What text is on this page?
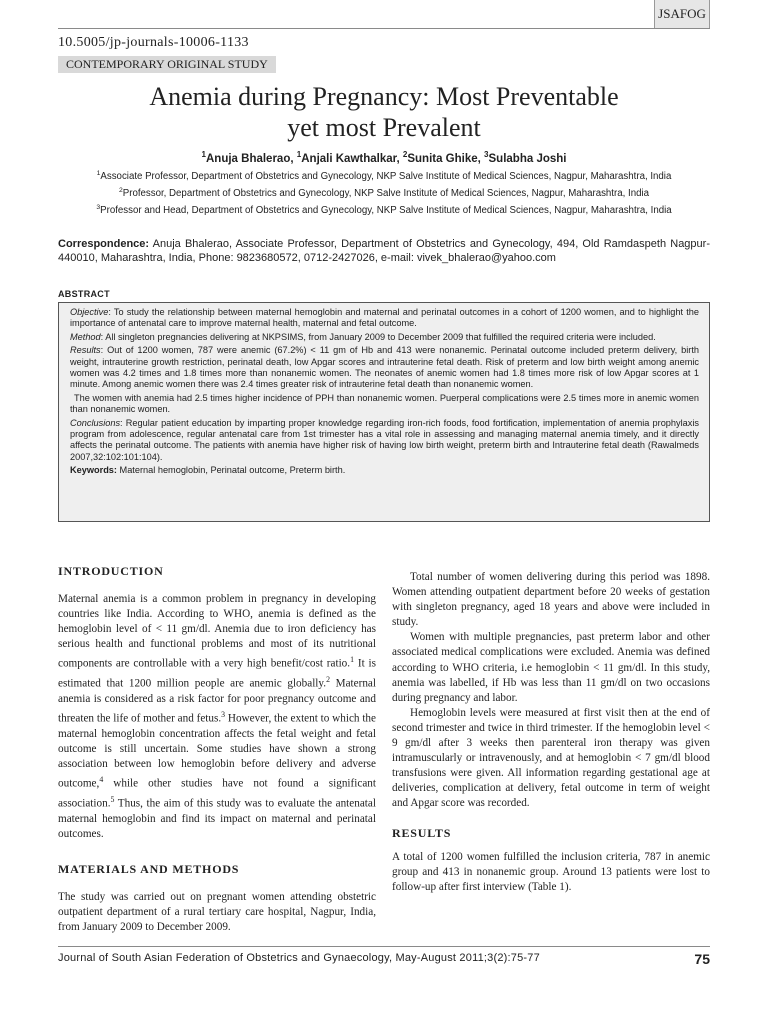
JSAFOG
10.5005/jp-journals-10006-1133
CONTEMPORARY ORIGINAL STUDY
Anemia during Pregnancy: Most Preventable
yet most Prevalent
$^1$Anuja Bhalerao, $^1$Anjali Kawthalkar, $^2$Sunita Ghike, $^3$Sulabha Joshi
$^1$Associate Professor, Department of Obstetrics and Gynecology, NKP Salve Institute of Medical Sciences, Nagpur, Maharashtra, India
$^2$Professor, Department of Obstetrics and Gynecology, NKP Salve Institute of Medical Sciences, Nagpur, Maharashtra, India
$^3$Professor and Head, Department of Obstetrics and Gynecology, NKP Salve Institute of Medical Sciences, Nagpur, Maharashtra, India
Correspondence: Anuja Bhalerao, Associate Professor, Department of Obstetrics and Gynecology, 494, Old Ramdaspeth Nagpur-440010, Maharashtra, India, Phone: 9823680572, 0712-2427026, e-mail: vivek_bhalerao@yahoo.com
ABSTRACT

Objective: To study the relationship between maternal hemoglobin and maternal and perinatal outcomes in a cohort of 1200 women, and to highlight the importance of antenatal care to improve maternal health, maternal and fetal outcome.

Method: All singleton pregnancies delivering at NKPSIMS, from January 2009 to December 2009 that fulfilled the required criteria were included.

Results: Out of 1200 women, 787 were anemic (67.2%) < 11 gm of Hb and 413 were nonanemic. Perinatal outcome included preterm delivery, birth weight, intrauterine growth restriction, perinatal death, low Apgar scores and intrauterine fetal death. Risk of preterm and low birth weight among anemic women was 4.2 times and 1.8 times more than nonanemic women. The neonates of anemic women had 1.8 times more risk of low Apgar scores at 1 minute. Among anemic women there was 2.4 times greater risk of intrauterine fetal death than nonanemic women.

The women with anemia had 2.5 times higher incidence of PPH than nonanemic women. Puerperal complications were 2.5 times more in anemic women than nonanemic women.

Conclusions: Regular patient education by imparting proper knowledge regarding iron-rich foods, food fortification, implementation of anemia prophylaxis program from adolescence, regular antenatal care from 1st trimester has a vital role in assessing and managing maternal anemia timely, and it directly affects the perinatal outcome. The patients with anemia have higher risk of having low birth weight, preterm birth and Intrauterine fetal death (Rawalmeds 2007,32:102:101:104).

Keywords: Maternal hemoglobin, Perinatal outcome, Preterm birth.

INTRODUCTION

Maternal anemia is a common problem in pregnancy in developing countries like India. According to WHO, anemia is defined as the hemoglobin level of < 11 gm/dl. Anemia due to iron deficiency has serious health and functional problems and most of its nutritional components are controllable with a very high benefit/cost ratio.$^1$ It is estimated that 1200 million people are anemic globally.$^2$ Maternal anemia is considered as a risk factor for poor pregnancy outcome and threaten the life of mother and fetus.$^3$ However, the extent to which the maternal hemoglobin concentration affects the fetal weight and fetal outcome is still uncertain. Some studies have shown a strong association between low hemoglobin before delivery and adverse outcome,$^4$ while other studies have not found a significant association.$^5$ Thus, the aim of this study was to evaluate the antenatal maternal hemoglobin and find its impact on maternal and perinatal outcomes.

MATERIALS AND METHODS

The study was carried out on pregnant women attending obstetric outpatient department of a rural tertiary care hospital, Nagpur, India, from January 2009 to December 2009.

Total number of women delivering during this period was 1898. Women attending outpatient department before 20 weeks of gestation with singleton pregnancy, aged 18 years and above were included in study.

Women with multiple pregnancies, past preterm labor and other associated medical complications were excluded. Anemia was defined according to WHO criteria, i.e hemoglobin < 11 gm/dl. In this study, anemia was labelled, if Hb was less than 11 gm/dl on two occasions during pregnancy and labor.

Hemoglobin levels were measured at first visit then at the end of second trimester and twice in third trimester. If the hemoglobin level < 9 gm/dl after 3 weeks then parenteral iron therapy was given intramuscularly or intravenously, and at hemoglobin < 7 gm/dl blood transfusions were given. All information regarding gestational age at deliveries, complication at delivery, fetal outcome in term of weight and Apgar score was recorded.

RESULTS

A total of 1200 women fulfilled the inclusion criteria, 787 in anemic group and 413 in nonanemic group. Around 13 patients were lost to follow-up after first interview (Table 1).

Journal of South Asian Federation of Obstetrics and Gynaecology, May-August 2011;3(2):75-77	75
